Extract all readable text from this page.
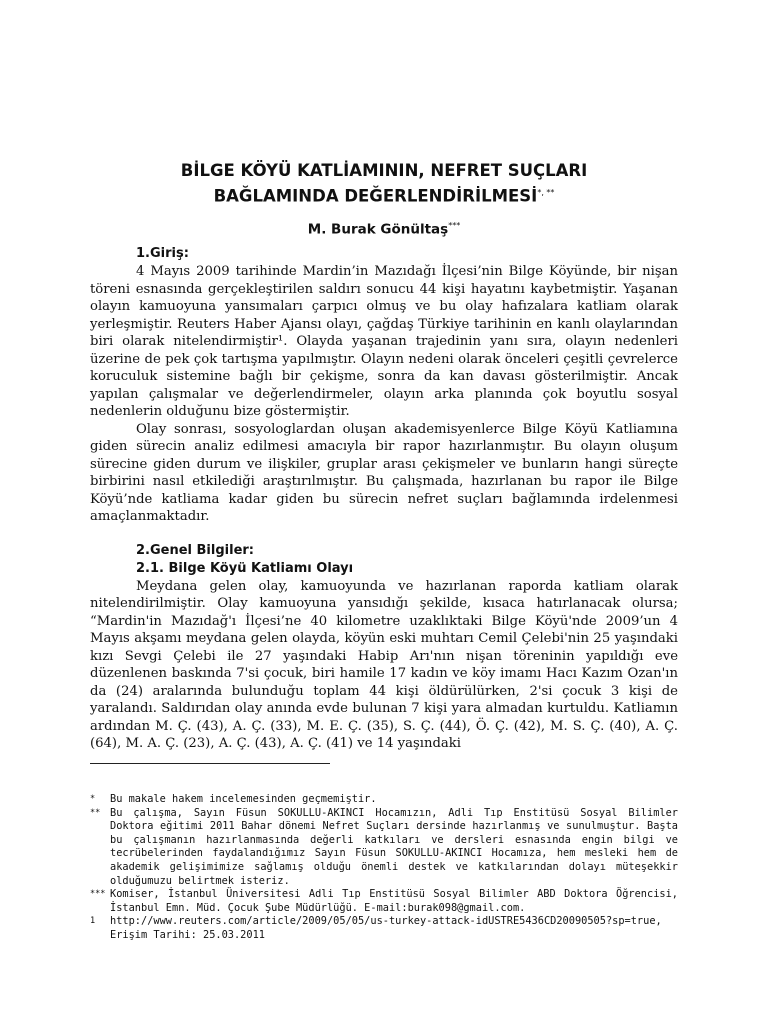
BİLGE KÖYÜ KATLİAMININ, NEFRET SUÇLARI
BAĞLAMINDA DEĞERLENDİRİLMESİ*, **

M. Burak Gönültaş***

1.Giriş:

4 Mayıs 2009 tarihinde Mardin’in Mazıdağı İlçesi’nin Bilge Köyünde, bir nişan töreni esnasında gerçekleştirilen saldırı sonucu 44 kişi hayatını kaybetmiştir. Yaşanan olayın kamuoyuna yansımaları çarpıcı olmuş ve bu olay hafızalara katliam olarak yerleşmiştir. Reuters Haber Ajansı olayı, çağdaş Türkiye tarihinin en kanlı olaylarından biri olarak nitelendirmiştir¹. Olayda yaşanan trajedinin yanı sıra, olayın nedenleri üzerine de pek çok tartışma yapılmıştır. Olayın nedeni olarak önceleri çeşitli çevrelerce koruculuk sistemine bağlı bir çekişme, sonra da kan davası gösterilmiştir. Ancak yapılan çalışmalar ve değerlendirmeler, olayın arka planında çok boyutlu sosyal nedenlerin olduğunu bize göstermiştir.

Olay sonrası, sosyologlardan oluşan akademisyenlerce Bilge Köyü Katliamına giden sürecin analiz edilmesi amacıyla bir rapor hazırlanmıştır. Bu olayın oluşum sürecine giden durum ve ilişkiler, gruplar arası çekişmeler ve bunların hangi süreçte birbirini nasıl etkilediği araştırılmıştır. Bu çalışmada, hazırlanan bu rapor ile Bilge Köyü’nde katliama kadar giden bu sürecin nefret suçları bağlamında irdelenmesi amaçlanmaktadır.

2.Genel Bilgiler:
2.1. Bilge Köyü Katliamı Olayı

Meydana gelen olay, kamuoyunda ve hazırlanan raporda katliam olarak nitelendirilmiştir. Olay kamuoyuna yansıdığı şekilde, kısaca hatırlanacak olursa; “Mardin'in Mazıdağ'ı İlçesi’ne 40 kilometre uzaklıktaki Bilge Köyü'nde 2009’un 4 Mayıs akşamı meydana gelen olayda, köyün eski muhtarı Cemil Çelebi'nin 25 yaşındaki kızı Sevgi Çelebi ile 27 yaşındaki Habip Arı'nın nişan töreninin yapıldığı eve düzenlenen baskında 7'si çocuk, biri hamile 17 kadın ve köy imamı Hacı Kazım Ozan'ın da (24) aralarında bulunduğu toplam 44 kişi öldürülürken, 2'si çocuk 3 kişi de yaralandı. Saldırıdan olay anında evde bulunan 7 kişi yara almadan kurtuldu. Katliamın ardından M. Ç. (43), A. Ç. (33), M. E. Ç. (35), S. Ç. (44), Ö. Ç. (42), M. S. Ç. (40), A. Ç. (64), M. A. Ç. (23), A. Ç. (43), A. Ç. (41) ve 14 yaşındaki

*	Bu makale hakem incelemesinden geçmemiştir.
** Bu çalışma, Sayın Füsun SOKULLU-AKINCI Hocamızın, Adli Tıp Enstitüsü Sosyal Bilimler Doktora eğitimi 2011 Bahar dönemi Nefret Suçları dersinde hazırlanmış ve sunulmuştur. Başta bu çalışmanın hazırlanmasında değerli katkıları ve dersleri esnasında engin bilgi ve tecrübelerinden faydalandığımız Sayın Füsun SOKULLU-AKINCI Hocamıza, hem mesleki hem de akademik gelişimimize sağlamış olduğu önemli destek ve katkılarından dolayı müteşekkir olduğumuzu belirtmek isteriz.
*** Komiser, İstanbul Üniversitesi Adli Tıp Enstitüsü Sosyal Bilimler ABD Doktora Öğrencisi, İstanbul Emn. Müd. Çocuk Şube Müdürlüğü. E-mail:burak098@gmail.com.
1	http://www.reuters.com/article/2009/05/05/us-turkey-attack-idUSTRE5436CD20090505?sp=true, Erişim Tarihi: 25.03.2011
